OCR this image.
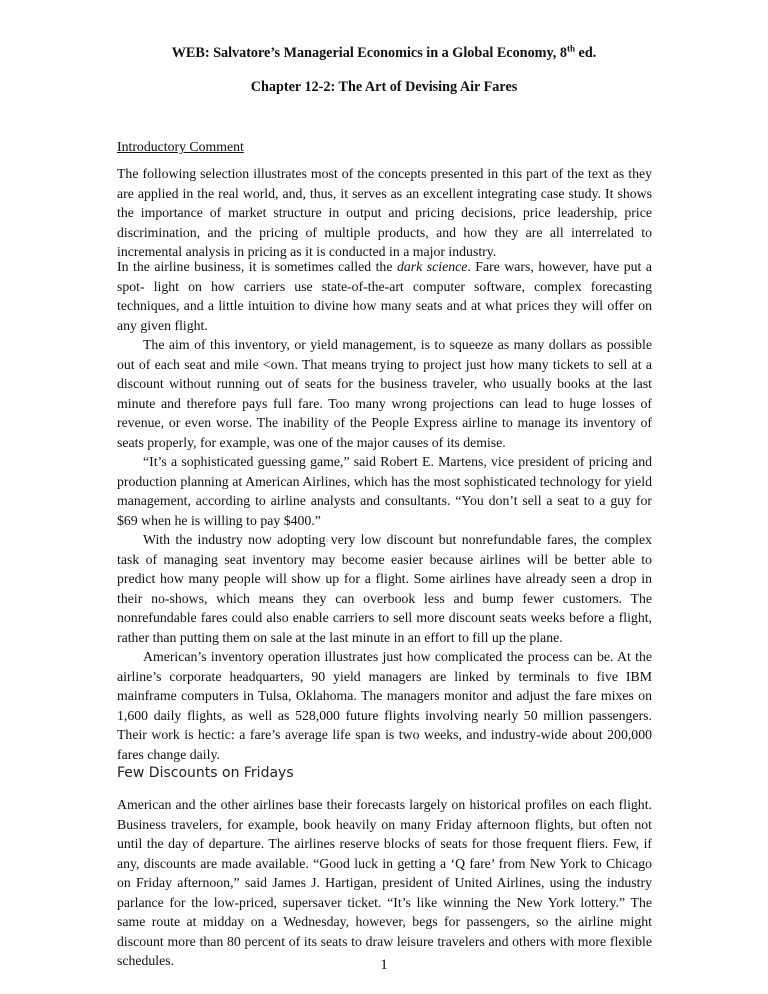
WEB: Salvatore’s Managerial Economics in a Global Economy, 8th ed.
Chapter 12-2: The Art of Devising Air Fares
Introductory Comment

The following selection illustrates most of the concepts presented in this part of the text as they are applied in the real world, and, thus, it serves as an excellent integrating case study. It shows the importance of market structure in output and pricing decisions, price leadership, price discrimination, and the pricing of multiple products, and how they are all interrelated to incremental analysis in pricing as it is conducted in a major industry.

In the airline business, it is sometimes called the dark science. Fare wars, however, have put a spot- light on how carriers use state-of-the-art computer software, complex forecasting techniques, and a little intuition to divine how many seats and at what prices they will offer on any given flight.

The aim of this inventory, or yield management, is to squeeze as many dollars as possible out of each seat and mile <own. That means trying to project just how many tickets to sell at a discount without running out of seats for the business traveler, who usually books at the last minute and therefore pays full fare. Too many wrong projections can lead to huge losses of revenue, or even worse. The inability of the People Express airline to manage its inventory of seats properly, for example, was one of the major causes of its demise.

“It’s a sophisticated guessing game,” said Robert E. Martens, vice president of pricing and production planning at American Airlines, which has the most sophisticated technology for yield management, according to airline analysts and consultants. “You don’t sell a seat to a guy for $69 when he is willing to pay $400.”

With the industry now adopting very low discount but nonrefundable fares, the complex task of managing seat inventory may become easier because airlines will be better able to predict how many people will show up for a flight. Some airlines have already seen a drop in their no-shows, which means they can overbook less and bump fewer customers. The nonrefundable fares could also enable carriers to sell more discount seats weeks before a flight, rather than putting them on sale at the last minute in an effort to fill up the plane.

American’s inventory operation illustrates just how complicated the process can be. At the airline’s corporate headquarters, 90 yield managers are linked by terminals to five IBM mainframe computers in Tulsa, Oklahoma. The managers monitor and adjust the fare mixes on 1,600 daily flights, as well as 528,000 future flights involving nearly 50 million passengers. Their work is hectic: a fare’s average life span is two weeks, and industry-wide about 200,000 fares change daily.

Few Discounts on Fridays

American and the other airlines base their forecasts largely on historical profiles on each flight. Business travelers, for example, book heavily on many Friday afternoon flights, but often not until the day of departure. The airlines reserve blocks of seats for those frequent fliers. Few, if any, discounts are made available. “Good luck in getting a ‘Q fare’ from New York to Chicago on Friday afternoon,” said James J. Hartigan, president of United Airlines, using the industry parlance for the low-priced, supersaver ticket. “It’s like winning the New York lottery.” The same route at midday on a Wednesday, however, begs for passengers, so the airline might discount more than 80 percent of its seats to draw leisure travelers and others with more flexible schedules.	1
